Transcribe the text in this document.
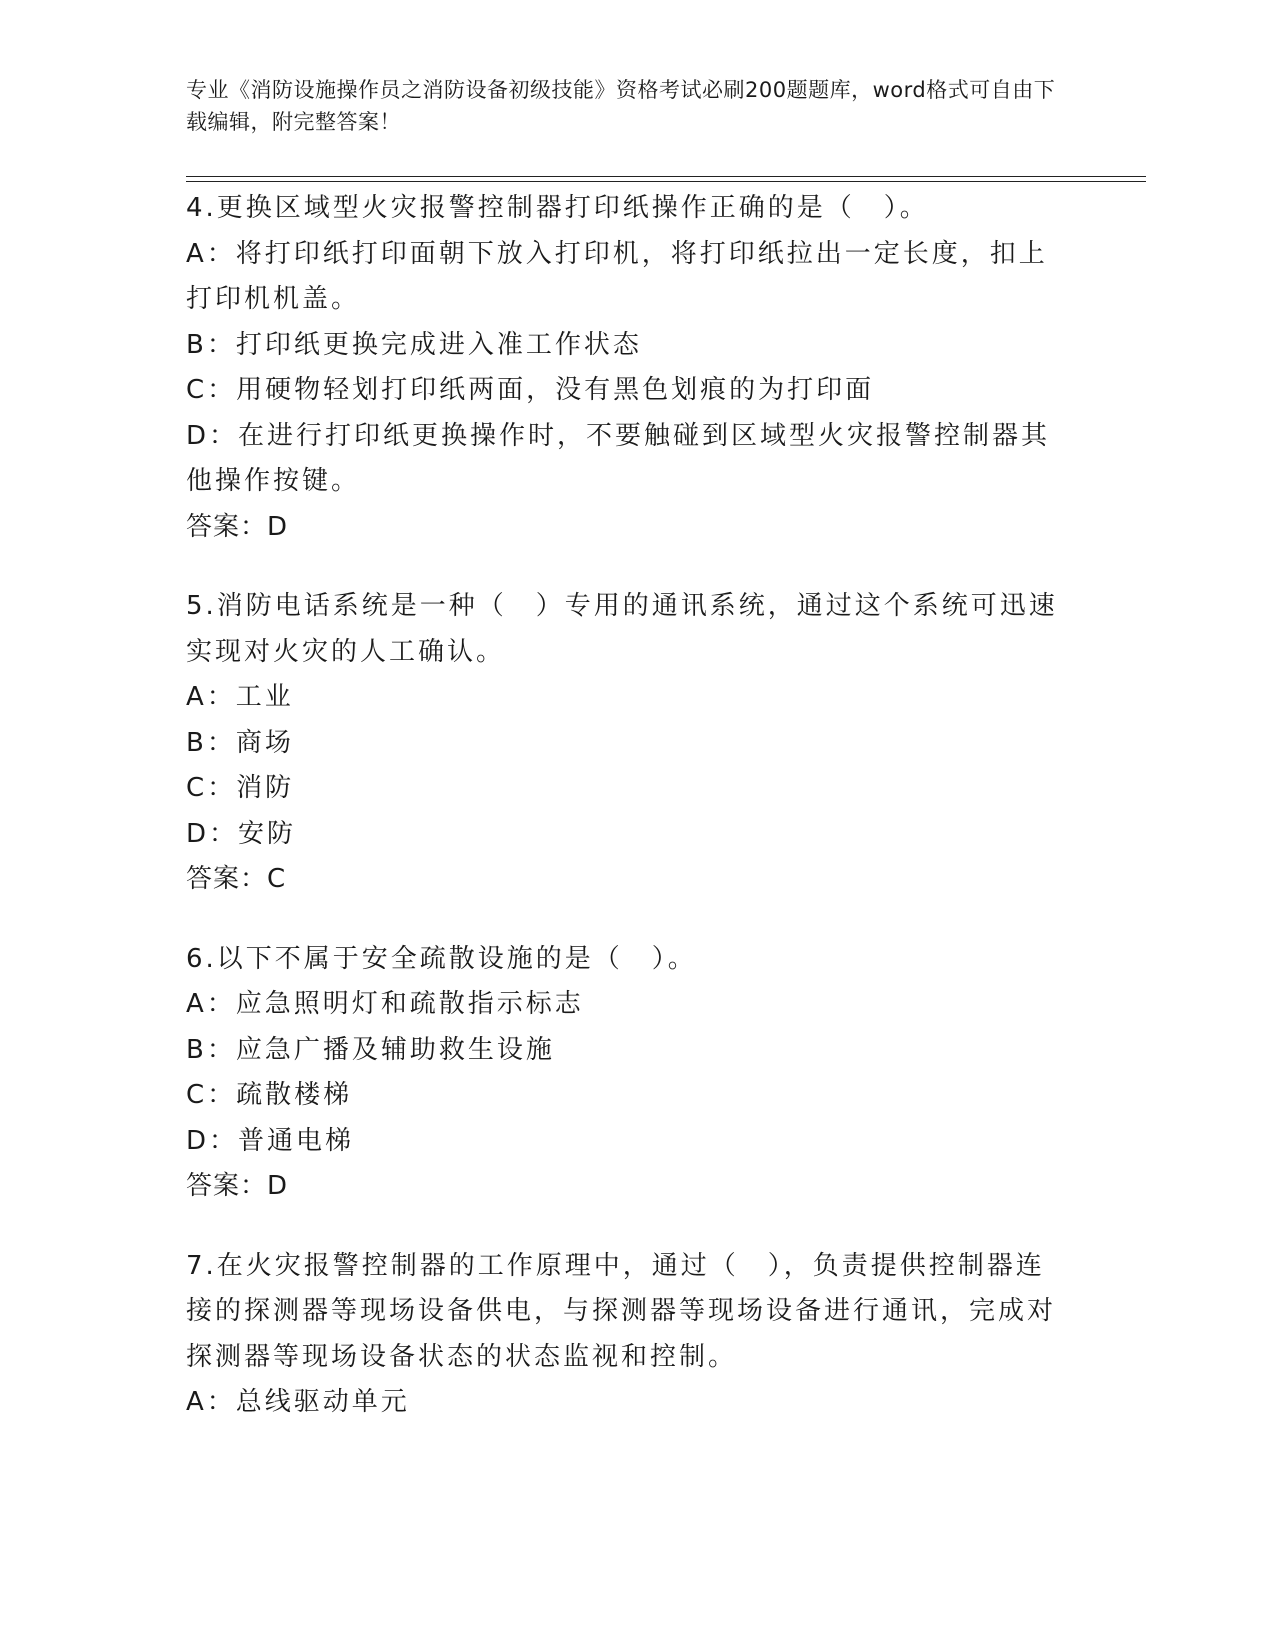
专业《消防设施操作员之消防设备初级技能》资格考试必刷200题题库，word格式可自由下载编辑，附完整答案！
4.更换区域型火灾报警控制器打印纸操作正确的是（　）。
A：将打印纸打印面朝下放入打印机，将打印纸拉出一定长度，扣上打印机机盖。
B：打印纸更换完成进入准工作状态
C：用硬物轻划打印纸两面，没有黑色划痕的为打印面
D：在进行打印纸更换操作时，不要触碰到区域型火灾报警控制器其他操作按键。
答案：D
5.消防电话系统是一种（　）专用的通讯系统，通过这个系统可迅速实现对火灾的人工确认。
A：工业
B：商场
C：消防
D：安防
答案：C
6.以下不属于安全疏散设施的是（　）。
A：应急照明灯和疏散指示标志
B：应急广播及辅助救生设施
C：疏散楼梯
D：普通电梯
答案：D
7.在火灾报警控制器的工作原理中，通过（　），负责提供控制器连接的探测器等现场设备供电，与探测器等现场设备进行通讯，完成对探测器等现场设备状态的状态监视和控制。
A：总线驱动单元
